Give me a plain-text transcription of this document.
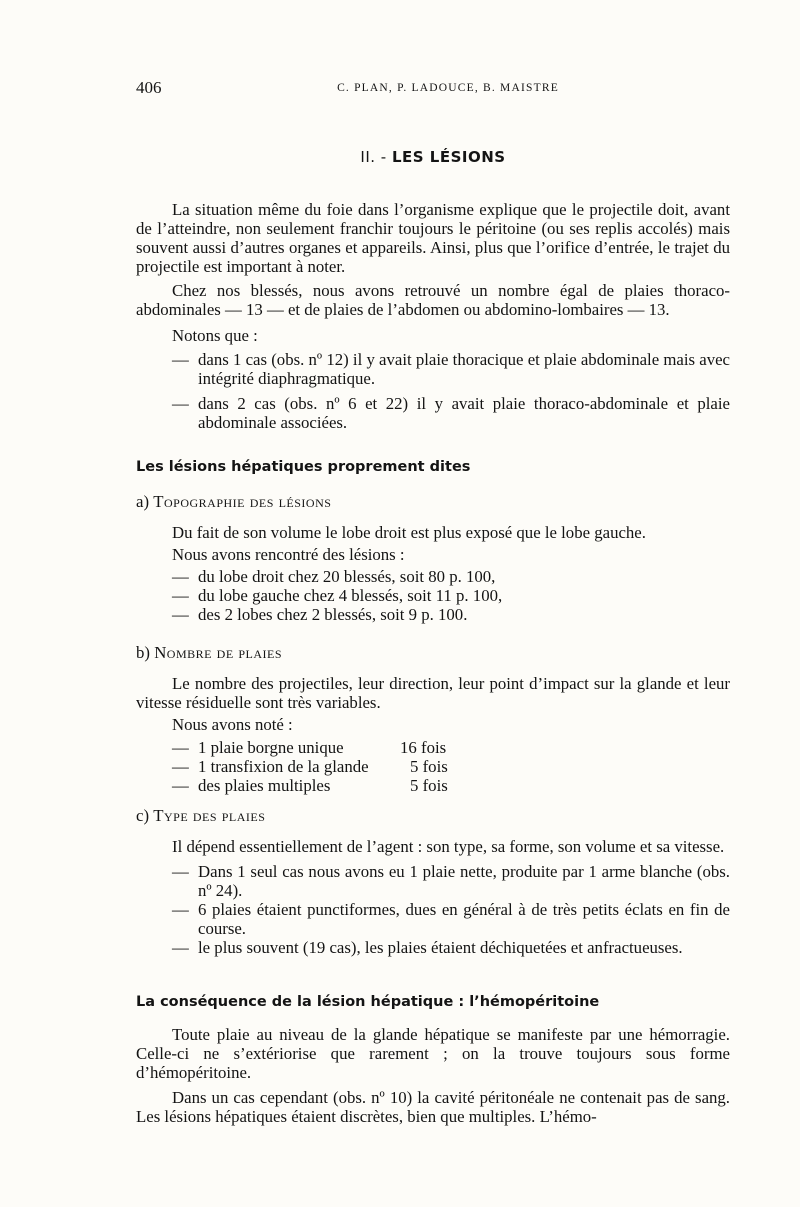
406	C. PLAN, P. LADOUCE, B. MAISTRE
II. - LES LÉSIONS

La situation même du foie dans l’organisme explique que le projectile doit, avant de l’atteindre, non seulement franchir toujours le péritoine (ou ses replis accolés) mais souvent aussi d’autres organes et appareils. Ainsi, plus que l’orifice d’entrée, le trajet du projectile est important à noter.

Chez nos blessés, nous avons retrouvé un nombre égal de plaies thoraco-abdominales — 13 — et de plaies de l’abdomen ou abdomino-lombaires — 13.

Notons que :

— dans 1 cas (obs. nº 12) il y avait plaie thoracique et plaie abdominale mais avec intégrité diaphragmatique.
— dans 2 cas (obs. nº 6 et 22) il y avait plaie thoraco-abdominale et plaie abdominale associées.
Les lésions hépatiques proprement dites

a) Topographie des lésions

Du fait de son volume le lobe droit est plus exposé que le lobe gauche.

Nous avons rencontré des lésions :

— du lobe droit chez 20 blessés, soit 80 p. 100,
— du lobe gauche chez 4 blessés, soit 11 p. 100,
— des 2 lobes chez 2 blessés, soit 9 p. 100.

b) Nombre de plaies

Le nombre des projectiles, leur direction, leur point d’impact sur la glande et leur vitesse résiduelle sont très variables.

Nous avons noté :

— 1 plaie borgne unique	16 fois
— 1 transfixion de la glande 5 fois
— des plaies multiples	5 fois

c) Type des plaies

Il dépend essentiellement de l’agent : son type, sa forme, son volume et sa vitesse.

— Dans 1 seul cas nous avons eu 1 plaie nette, produite par 1 arme blanche (obs. nº 24).
— 6 plaies étaient punctiformes, dues en général à de très petits éclats en fin de course.
— le plus souvent (19 cas), les plaies étaient déchiquetées et anfractueuses.
La conséquence de la lésion hépatique : l’hémopéritoine

Toute plaie au niveau de la glande hépatique se manifeste par une hémorragie. Celle-ci ne s’extériorise que rarement ; on la trouve toujours sous forme d’hémopéritoine.

Dans un cas cependant (obs. nº 10) la cavité péritonéale ne contenait pas de sang. Les lésions hépatiques étaient discrètes, bien que multiples. L’hémo-
